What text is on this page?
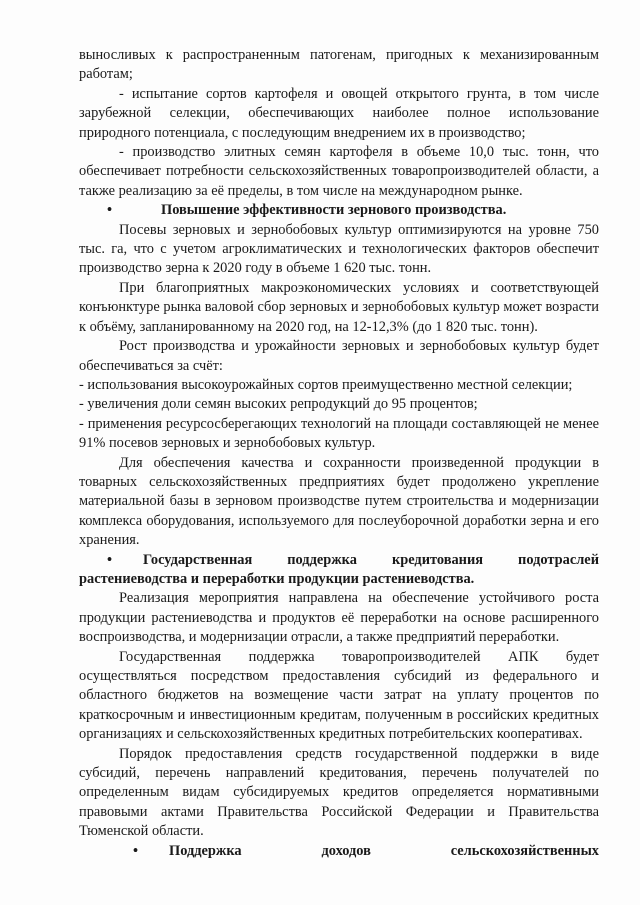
выносливых к распространенным патогенам, пригодных к механизированным работам;

- испытание сортов картофеля и овощей открытого грунта, в том числе зарубежной селекции, обеспечивающих наиболее полное использование природного потенциала, с последующим внедрением их в производство;

- производство элитных семян картофеля в объеме 10,0 тыс. тонн, что обеспечивает потребности сельскохозяйственных товаропроизводителей области, а также реализацию за её пределы, в том числе на международном рынке.

•	Повышение эффективности зернового производства.

Посевы зерновых и зернобобовых культур оптимизируются на уровне 750 тыс. га, что с учетом агроклиматических и технологических факторов обеспечит производство зерна к 2020 году в объеме 1 620 тыс. тонн.

При благоприятных макроэкономических условиях и соответствующей конъюнктуре рынка валовой сбор зерновых и зернобобовых культур может возрасти к объёму, запланированному на 2020 год, на 12-12,3% (до 1 820 тыс. тонн).

Рост производства и урожайности зерновых и зернобобовых культур будет обеспечиваться за счёт:

- использования высокоурожайных сортов преимущественно местной селекции;

- увеличения доли семян высоких репродукций до 95 процентов;

- применения ресурсосберегающих технологий на площади составляющей не менее 91% посевов зерновых и зернобобовых культур.

Для обеспечения качества и сохранности произведенной продукции в товарных сельскохозяйственных предприятиях будет продолжено укрепление материальной базы в зерновом производстве путем строительства и модернизации комплекса оборудования, используемого для послеуборочной доработки зерна и его хранения.

• Государственная поддержка кредитования подотраслей растениеводства и переработки продукции растениеводства.

Реализация мероприятия направлена на обеспечение устойчивого роста продукции растениеводства и продуктов её переработки на основе расширенного воспроизводства, и модернизации отрасли, а также предприятий переработки.

Государственная поддержка товаропроизводителей АПК будет осуществляться посредством предоставления субсидий из федерального и областного бюджетов на возмещение части затрат на уплату процентов по краткосрочным и инвестиционным кредитам, полученным в российских кредитных организациях и сельскохозяйственных кредитных потребительских кооперативах.

Порядок предоставления средств государственной поддержки в виде субсидий, перечень направлений кредитования, перечень получателей по определенным видам субсидируемых кредитов определяется нормативными правовыми актами Правительства Российской Федерации и Правительства Тюменской области.

• Поддержка доходов сельскохозяйственных
